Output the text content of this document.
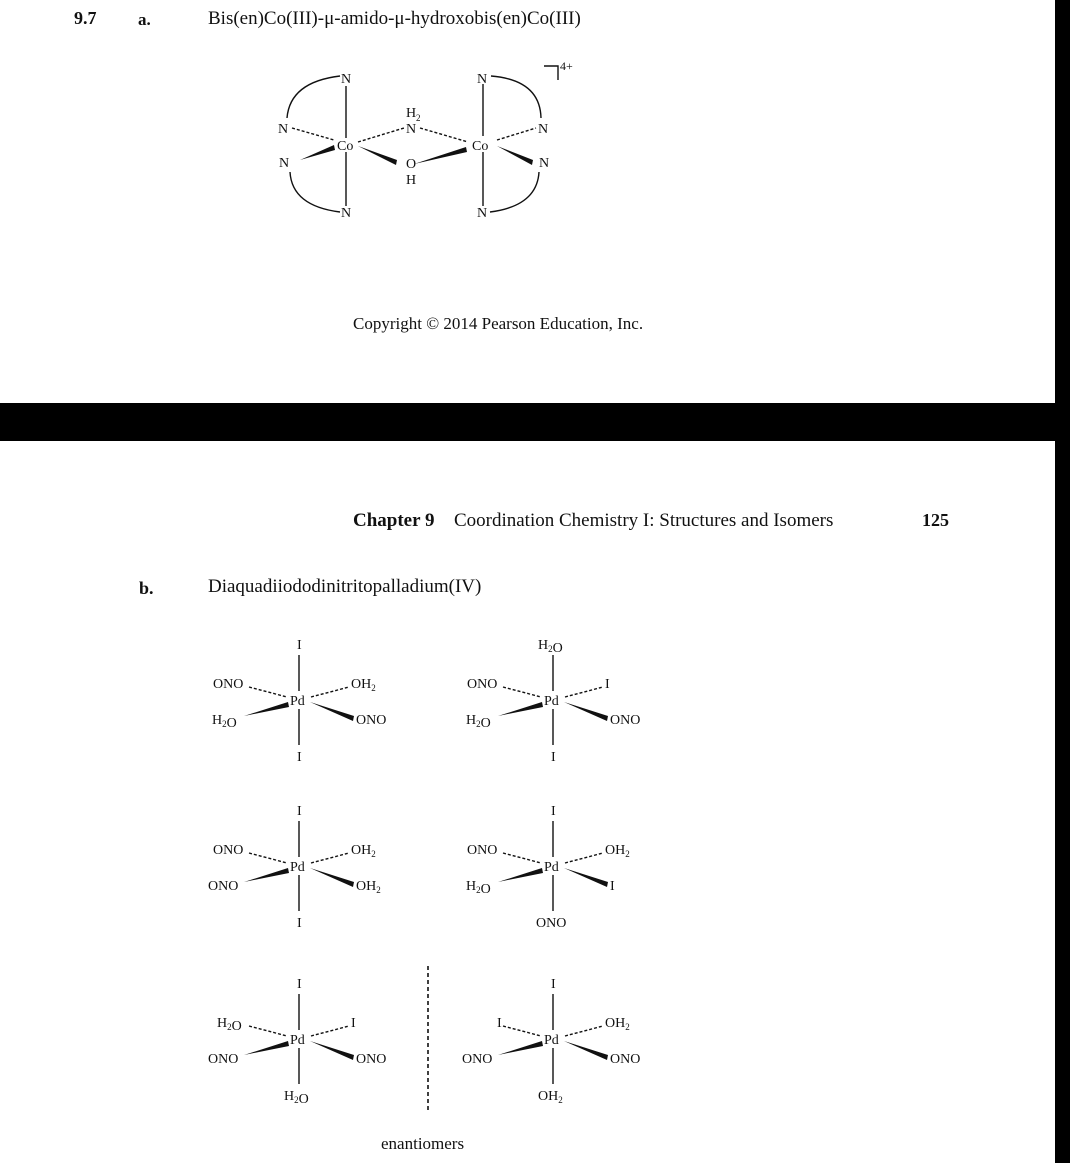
9.7 a.	Bis(en)Co(III)-μ-amido-μ-hydroxobis(en)Co(III)
N	N
N
N
Co	Co
H 2
N
O
H
N
N
N	N
4+
Copyright © 2014 Pearson Education, Inc.
Chapter 9 Coordination Chemistry I: Structures and Isomers	125
b.	Diaquadiiododinitritopalladium(IV)
Pd
I
I
ONO	$OH_2$
$H_2O$	ONO
Pd
$H_2O$
I
ONO	I
$H_2O$	ONO
Pd
I
I
ONO	$OH_2$
ONO	$OH_2$
Pd
I
ONO
ONO	$OH_2$
$H_2O$	I
Pd
I
$H_2O$
$H_2O$	I
ONO	ONO
Pd
I
$OH_2$
I	$OH_2$
ONO	ONO
enantiomers
